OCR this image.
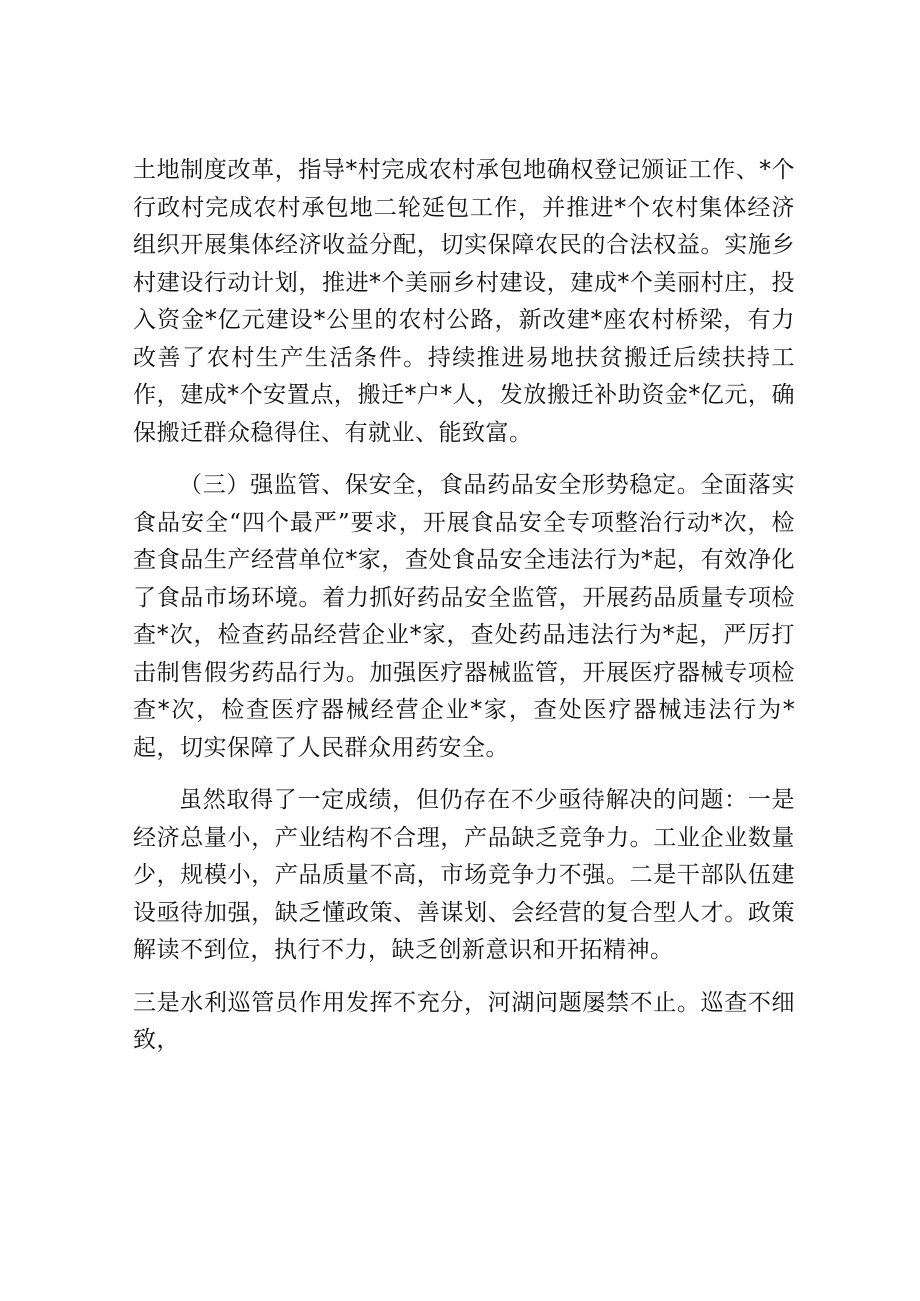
土地制度改革，指导*村完成农村承包地确权登记颁证工作、*个行政村完成农村承包地二轮延包工作，并推进*个农村集体经济组织开展集体经济收益分配，切实保障农民的合法权益。实施乡村建设行动计划，推进*个美丽乡村建设，建成*个美丽村庄，投入资金*亿元建设*公里的农村公路，新改建*座农村桥梁，有力改善了农村生产生活条件。持续推进易地扶贫搬迁后续扶持工作，建成*个安置点，搬迁*户*人，发放搬迁补助资金*亿元，确保搬迁群众稳得住、有就业、能致富。

（三）强监管、保安全，食品药品安全形势稳定。全面落实食品安全“四个最严”要求，开展食品安全专项整治行动*次，检查食品生产经营单位*家，查处食品安全违法行为*起，有效净化了食品市场环境。着力抓好药品安全监管，开展药品质量专项检查*次，检查药品经营企业*家，查处药品违法行为*起，严厉打击制售假劣药品行为。加强医疗器械监管，开展医疗器械专项检查*次，检查医疗器械经营企业*家，查处医疗器械违法行为*起，切实保障了人民群众用药安全。

虽然取得了一定成绩，但仍存在不少亟待解决的问题：一是经济总量小，产业结构不合理，产品缺乏竞争力。工业企业数量少，规模小，产品质量不高，市场竞争力不强。二是干部队伍建设亟待加强，缺乏懂政策、善谋划、会经营的复合型人才。政策解读不到位，执行不力，缺乏创新意识和开拓精神。

三是水利巡管员作用发挥不充分，河湖问题屡禁不止。巡查不细致，
